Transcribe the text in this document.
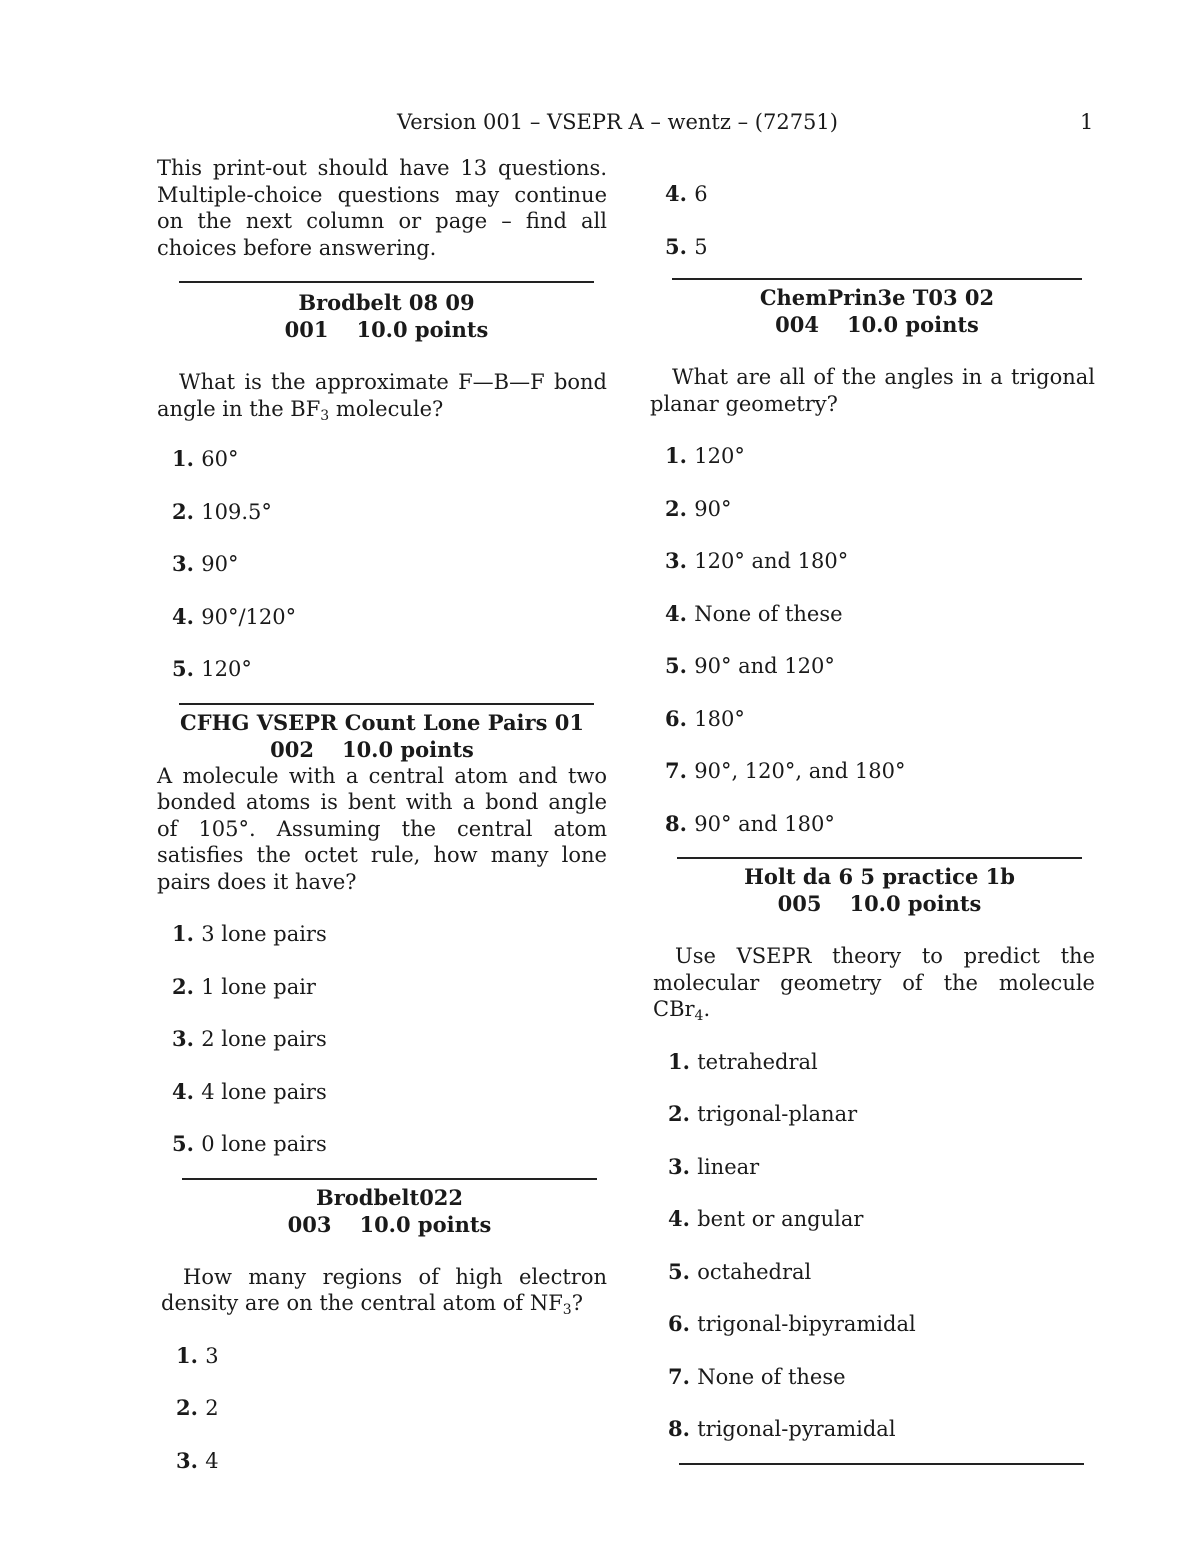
Version 001 – VSEPR A – wentz – (72751)	1

This print-out should have 13 questions. Multiple-choice questions may continue on the next column or page – find all choices before answering.

Brodbelt 08 09
001 10.0 points

What is the approximate F—B—F bond angle in the $BF_3$ molecule?

1. 60°

2. 109.5°

3. 90°

4. 90°/120°

5. 120°

CFHG VSEPR Count Lone Pairs 01
002 10.0 points

A molecule with a central atom and two bonded atoms is bent with a bond angle of 105°. Assuming the central atom satisfies the octet rule, how many lone pairs does it have?

1. 3 lone pairs

2. 1 lone pair

3. 2 lone pairs

4. 4 lone pairs

5. 0 lone pairs

Brodbelt022
003 10.0 points

How many regions of high electron density are on the central atom of $NF_3$?

1. 3

2. 2

3. 4

4. 6

5. 5

ChemPrin3e T03 02
004 10.0 points

What are all of the angles in a trigonal planar geometry?

1. 120°

2. 90°

3. 120° and 180°

4. None of these

5. 90° and 120°

6. 180°

7. 90°, 120°, and 180°

8. 90° and 180°

Holt da 6 5 practice 1b
005 10.0 points

Use VSEPR theory to predict the molecular geometry of the molecule CBr$_4$.

1. tetrahedral

2. trigonal-planar

3. linear

4. bent or angular

5. octahedral

6. trigonal-bipyramidal

7. None of these

8. trigonal-pyramidal
